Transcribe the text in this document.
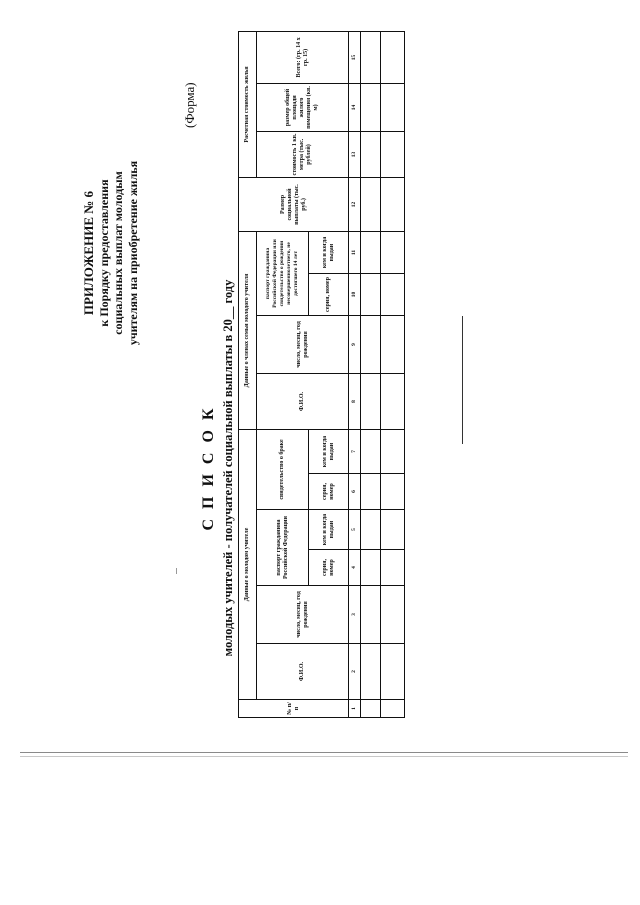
ПРИЛОЖЕНИЕ № 6 к Порядку предоставления социальных выплат молодым учителям на приобретение жилья
(Форма)
С П И С О К молодых учителей - получателей социальной выплаты в 20__ году
№ п/п	Данные о молодом учителе						Данные о членах семьи молодого учителя				Размер социальной выплаты (тыс. руб.)	Расчетная стоимость жилья		
	Ф.И.О.	число, месяц, год рождения	паспорт гражданина Российской Федерации		свидетельство о браке		Ф.И.О.	число, месяц, год рождения	паспорт гражданина Российской Федерации или свидетельство о рождении несовершеннолетнего, не достигшего 14 лет			стоимость 1 кв. метра (тыс. рублей)	размер общей площади жилого помещения (кв. м)	Всего: (гр. 14 х гр. 15)
			серия, номер	кем и когда выдан	серия, номер	кем и когда выдан			серия, номер	кем и когда выдан				
1	2	3	4	5	6	7	8	9	10	11	12	13	14	15
